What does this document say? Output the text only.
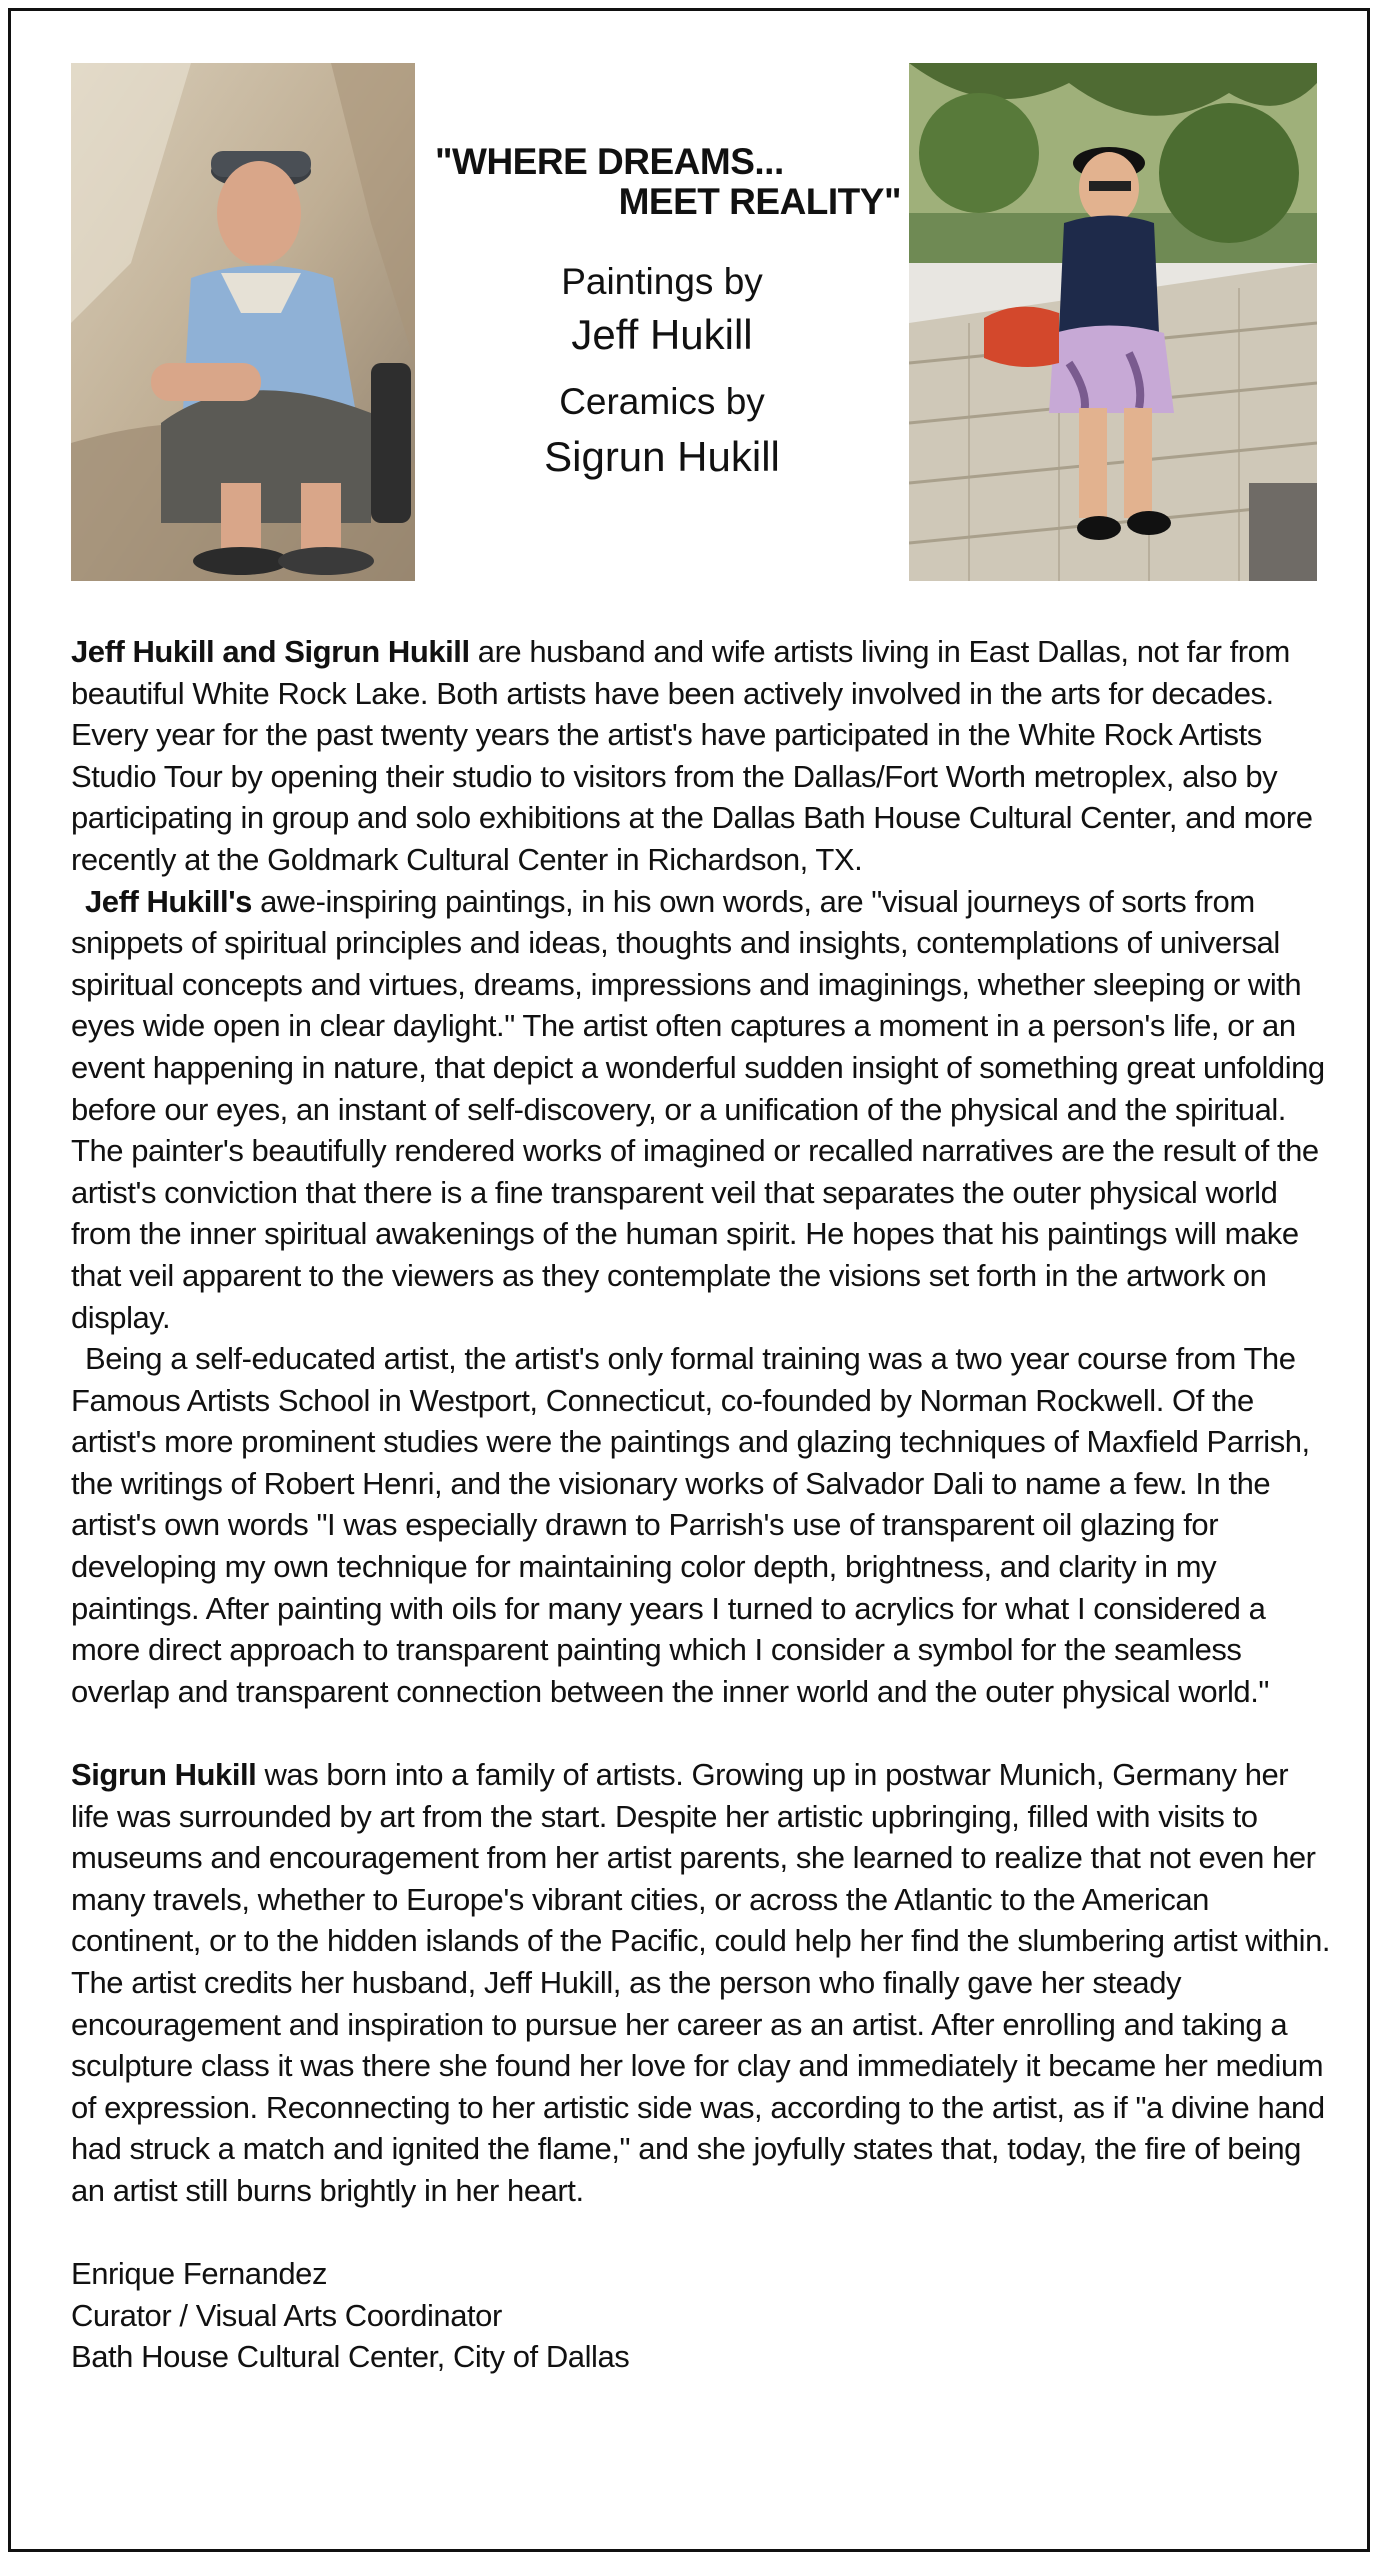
"WHERE DREAMS...
MEET REALITY"
Paintings by
Jeff Hukill
Ceramics by
Sigrun Hukill

Jeff Hukill and Sigrun Hukill are husband and wife artists living in East Dallas, not far from beautiful White Rock Lake. Both artists have been actively involved in the arts for decades. Every year for the past twenty years the artist's have participated in the White Rock Artists Studio Tour by opening their studio to visitors from the Dallas/Fort Worth metroplex, also by participating in group and solo exhibitions at the Dallas Bath House Cultural Center, and more recently at the Goldmark Cultural Center in Richardson, TX.

Jeff Hukill's awe-inspiring paintings, in his own words, are "visual journeys of sorts from snippets of spiritual principles and ideas, thoughts and insights, contemplations of universal spiritual concepts and virtues, dreams, impressions and imaginings, whether sleeping or with eyes wide open in clear daylight." The artist often captures a moment in a person's life, or an event happening in nature, that depict a wonderful sudden insight of something great unfolding before our eyes, an instant of self-discovery, or a unification of the physical and the spiritual. The painter's beautifully rendered works of imagined or recalled narratives are the result of the artist's conviction that there is a fine transparent veil that separates the outer physical world from the inner spiritual awakenings of the human spirit. He hopes that his paintings will make that veil apparent to the viewers as they contemplate the visions set forth in the artwork on display.

Being a self-educated artist, the artist's only formal training was a two year course from The Famous Artists School in Westport, Connecticut, co-founded by Norman Rockwell. Of the artist's more prominent studies were the paintings and glazing techniques of Maxfield Parrish, the writings of Robert Henri, and the visionary works of Salvador Dali to name a few. In the artist's own words "I was especially drawn to Parrish's use of transparent oil glazing for developing my own technique for maintaining color depth, brightness, and clarity in my paintings. After painting with oils for many years I turned to acrylics for what I considered a more direct approach to transparent painting which I consider a symbol for the seamless overlap and transparent connection between the inner world and the outer physical world."

Sigrun Hukill was born into a family of artists. Growing up in postwar Munich, Germany her life was surrounded by art from the start. Despite her artistic upbringing, filled with visits to museums and encouragement from her artist parents, she learned to realize that not even her many travels, whether to Europe's vibrant cities, or across the Atlantic to the American continent, or to the hidden islands of the Pacific, could help her find the slumbering artist within. The artist credits her husband, Jeff Hukill, as the person who finally gave her steady encouragement and inspiration to pursue her career as an artist. After enrolling and taking a sculpture class it was there she found her love for clay and immediately it became her medium of expression. Reconnecting to her artistic side was, according to the artist, as if "a divine hand had struck a match and ignited the flame," and she joyfully states that, today, the fire of being an artist still burns brightly in her heart.

Enrique Fernandez
Curator / Visual Arts Coordinator
Bath House Cultural Center, City of Dallas
